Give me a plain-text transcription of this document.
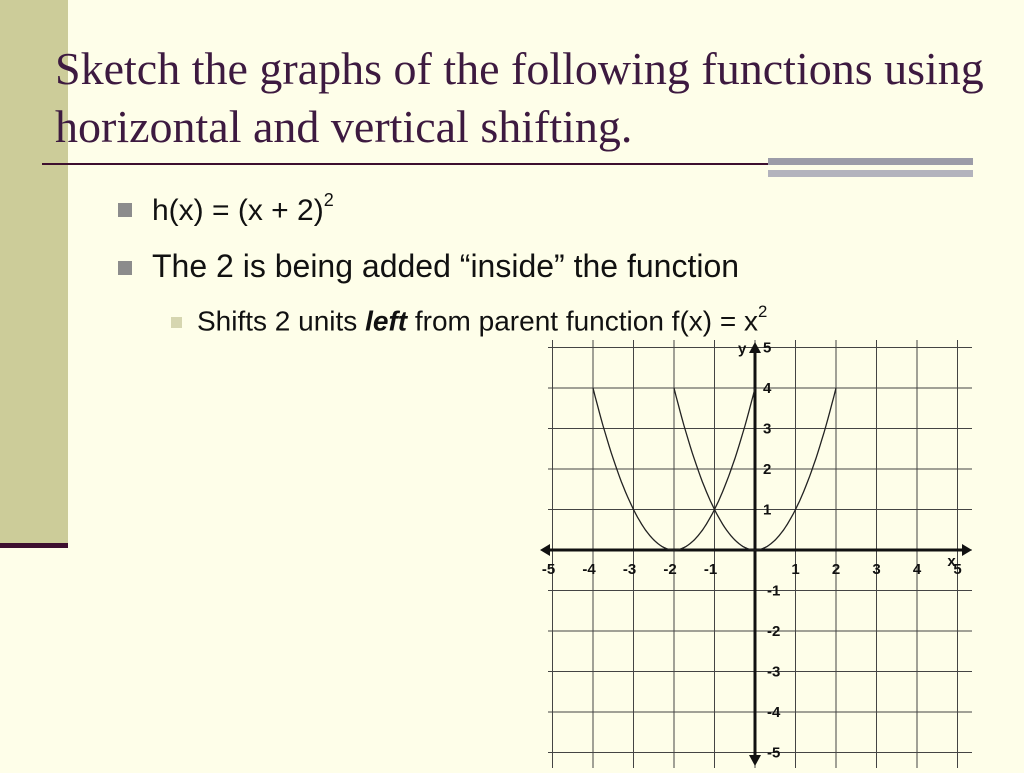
Sketch the graphs of the following functions using horizontal and vertical shifting.
$h(x) = (x + 2)^2$
The 2 is being added “inside” the function
Shifts 2 units left from parent function $f(x) = x^2$
-5 -4 -3 -2 -1	1 2 3 4 5
5
4
3
2
1
-1
-2
-3
-4
-5
x
y
